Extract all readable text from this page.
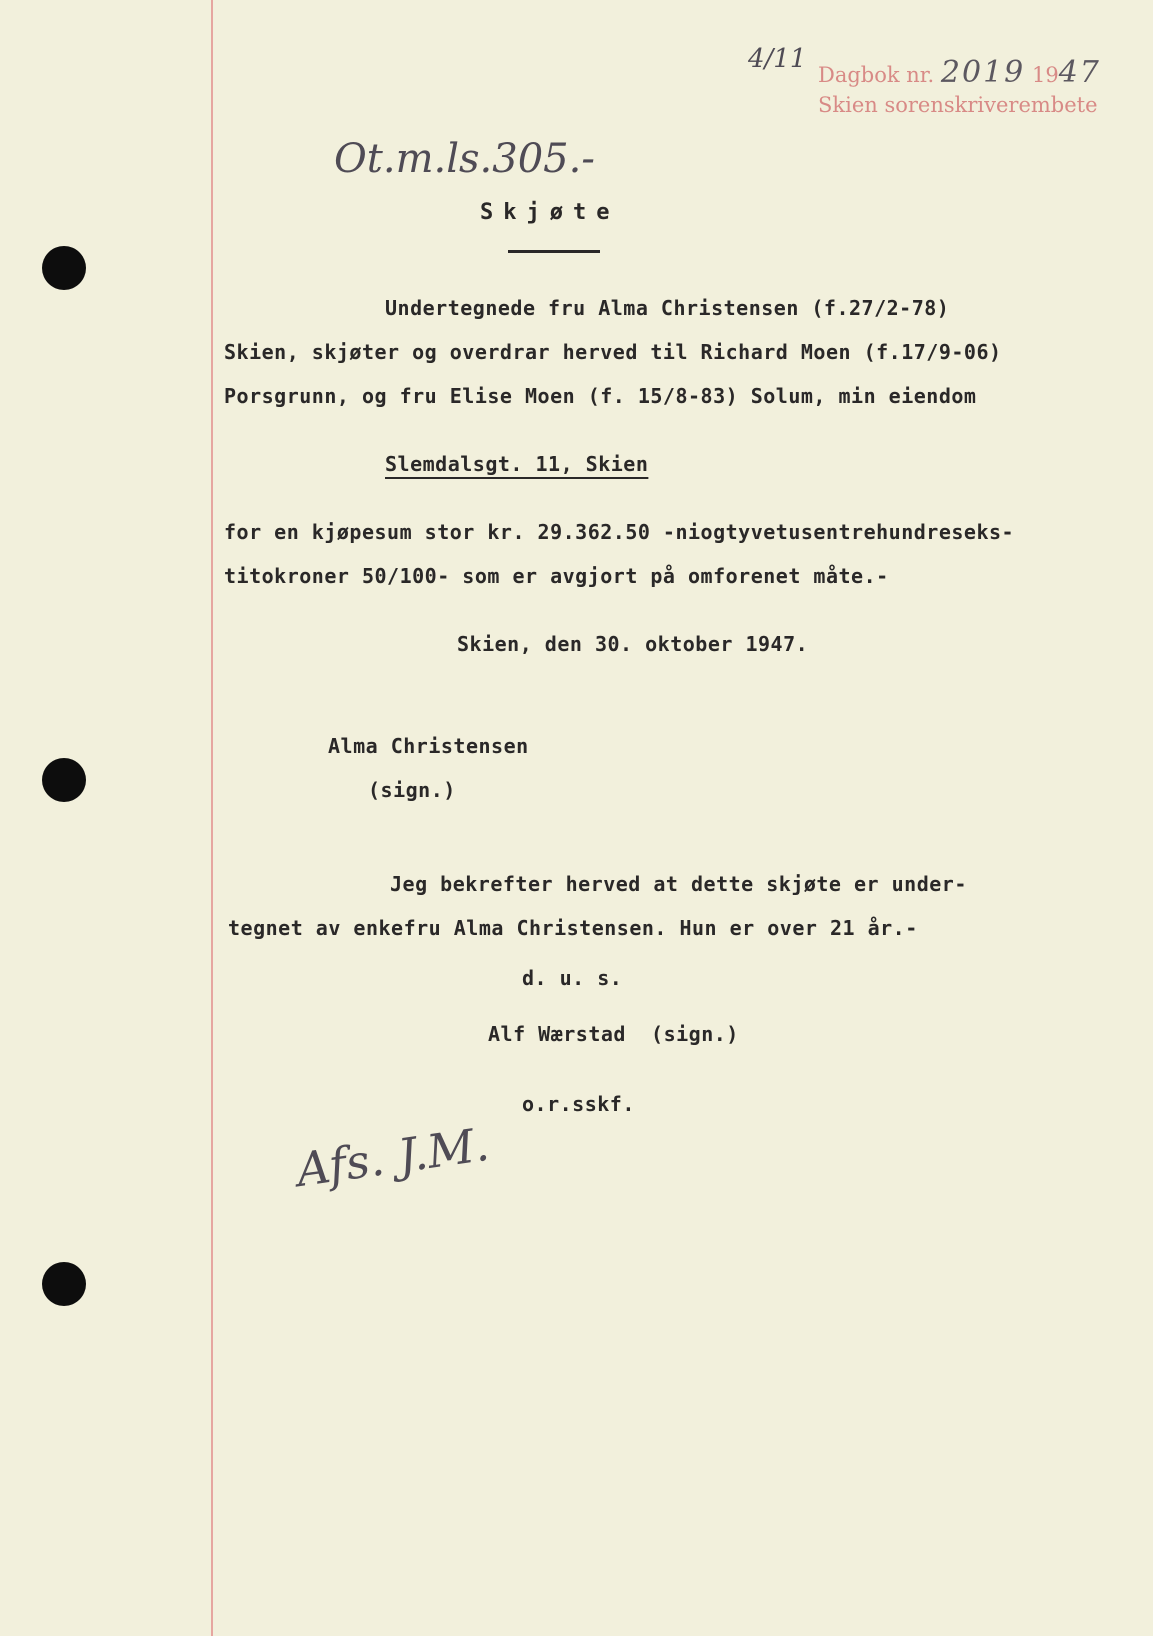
4/11
Dagbok nr. 2019 1947
Skien sorenskriverembete
Ot.m.ls.305.-
Skjøte
Undertegnede fru Alma Christensen (f.27/2-78)
Skien, skjøter og overdrar herved til Richard Moen (f.17/9-06)
Porsgrunn, og fru Elise Moen (f. 15/8-83) Solum, min eiendom
Slemdalsgt. 11, Skien
for en kjøpesum stor kr. 29.362.50 -niogtyvetusentrehundreseks-
titokroner 50/100- som er avgjort på omforenet måte.-
Skien, den 30. oktober 1947.
Alma Christensen
(sign.)
Jeg bekrefter herved at dette skjøte er under-
tegnet av enkefru Alma Christensen. Hun er over 21 år.-
d. u. s.
Alf Wærstad  (sign.)
o.r.sskf.
Afs. J.M.
